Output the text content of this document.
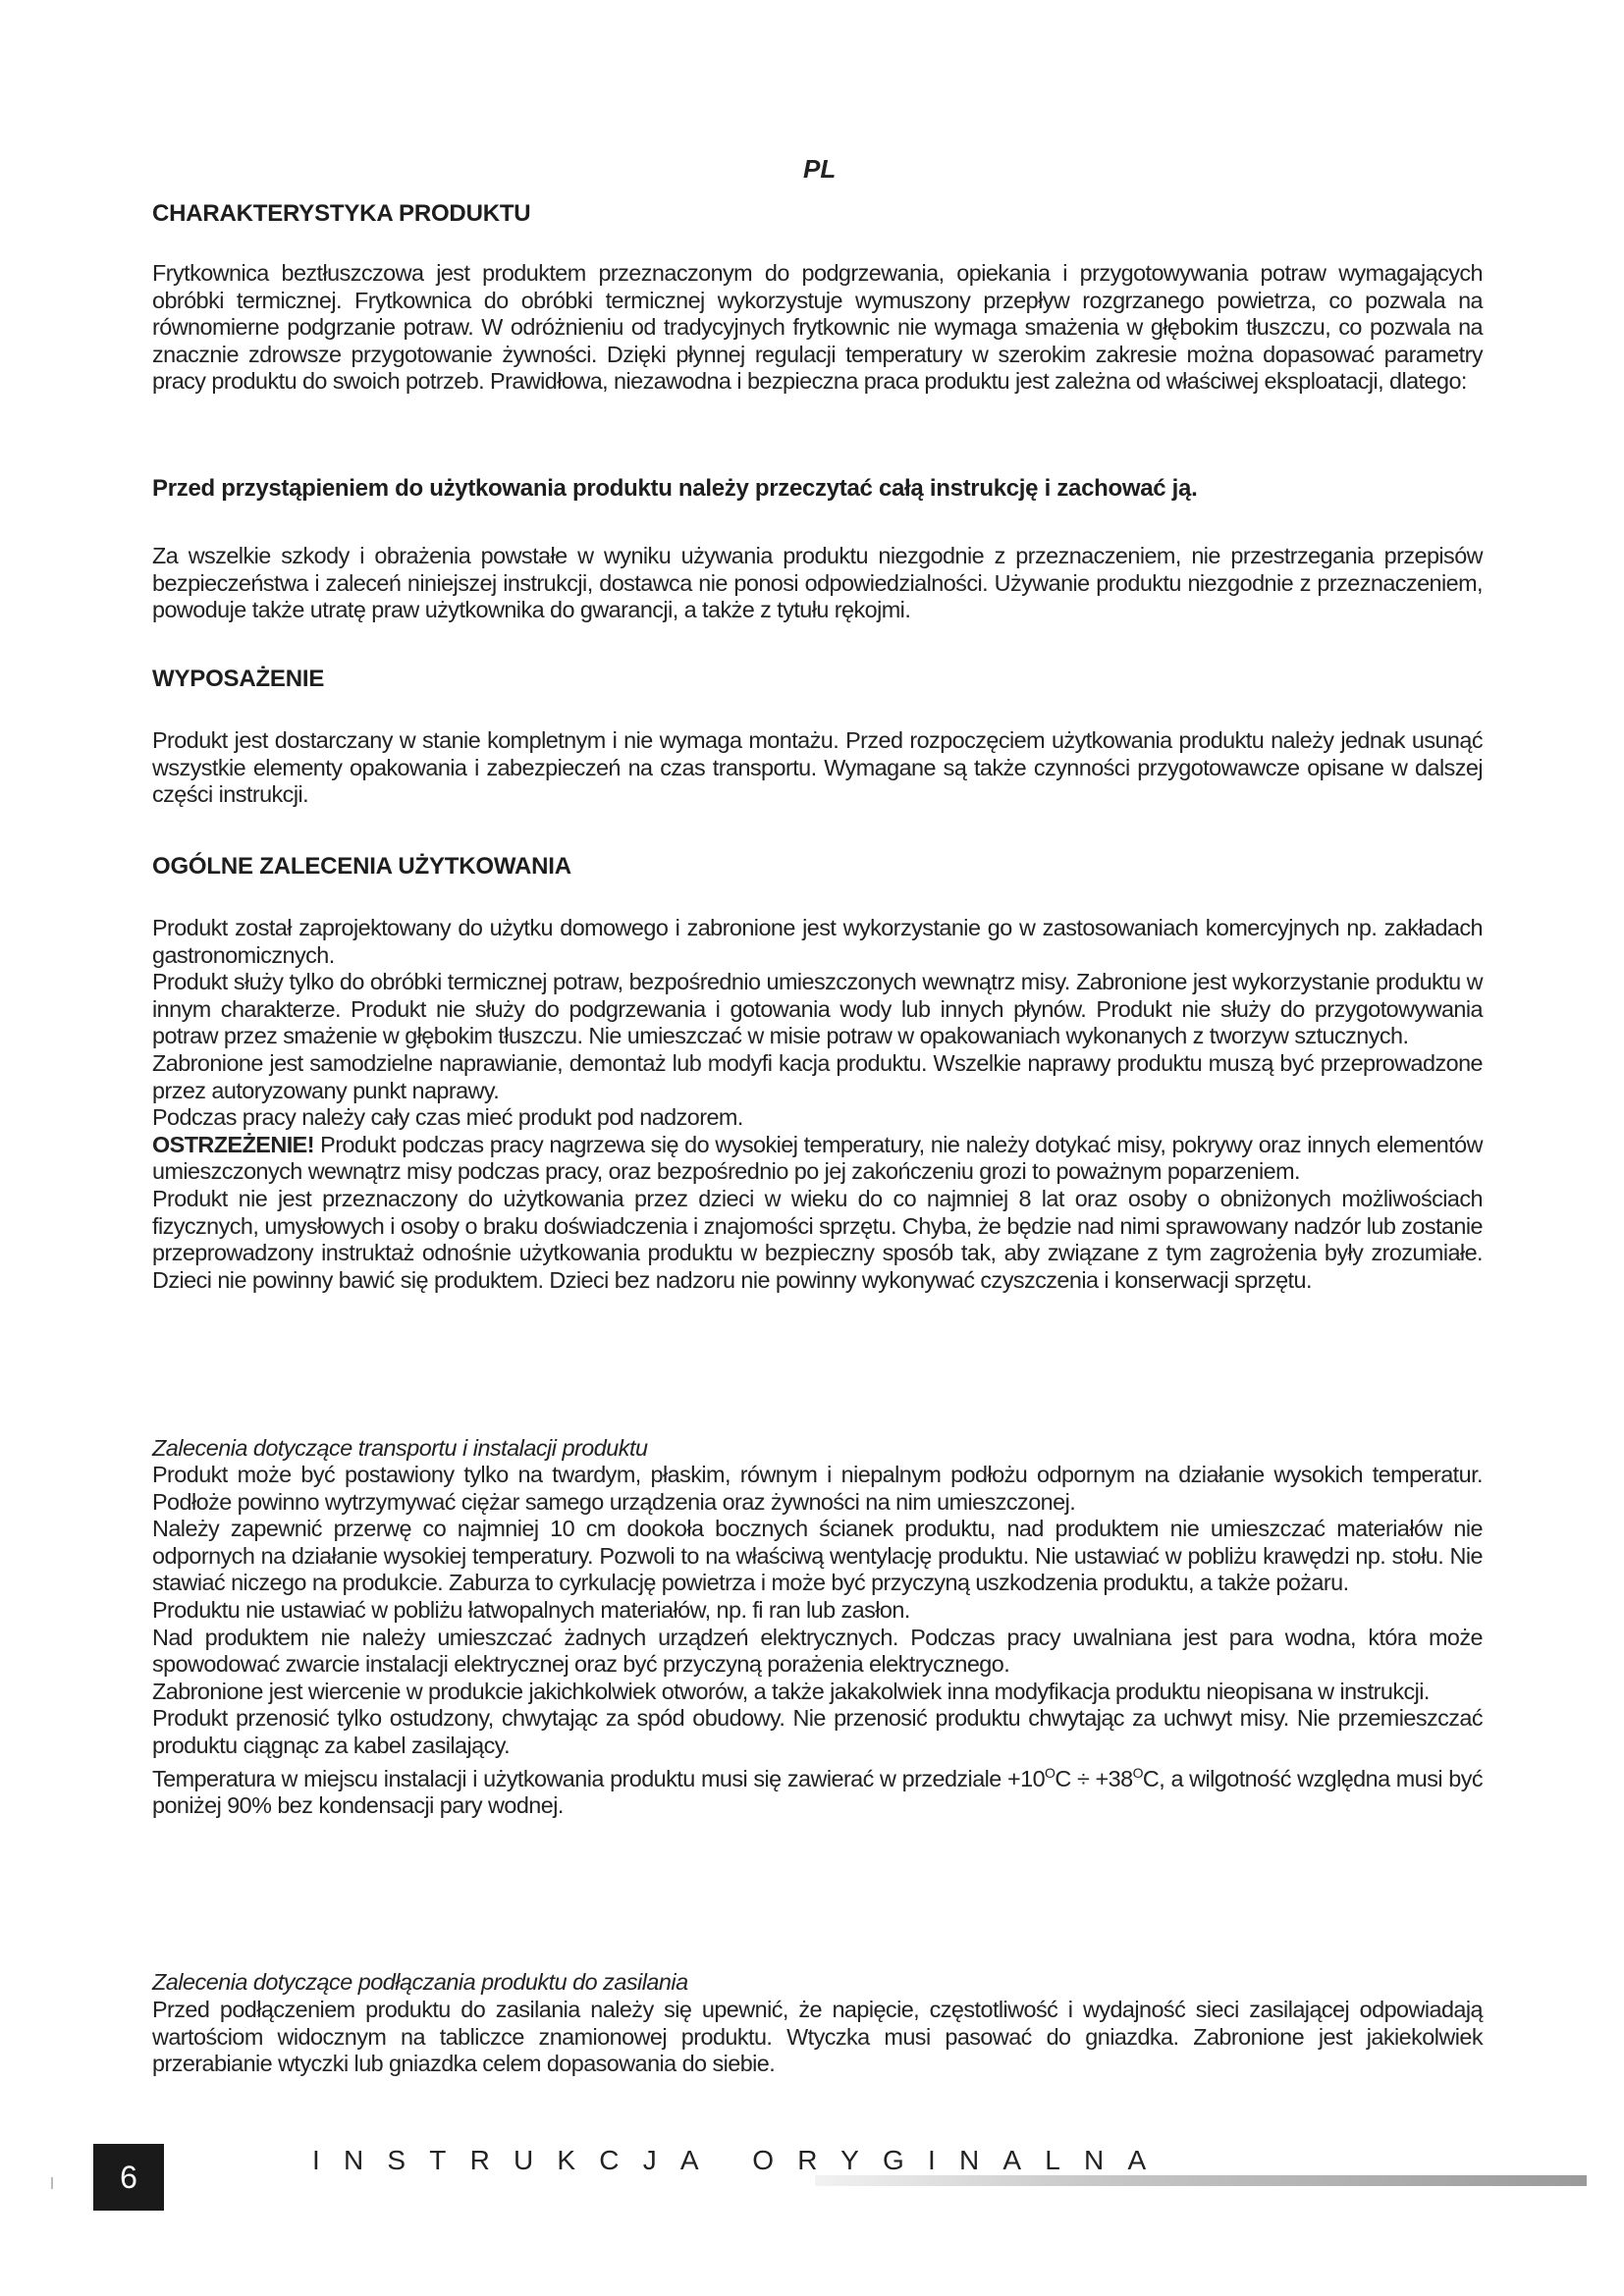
PL
CHARAKTERYSTYKA PRODUKTU

Frytkownica beztłuszczowa jest produktem przeznaczonym do podgrzewania, opiekania i przygotowywania potraw wymagających obróbki termicznej. Frytkownica do obróbki termicznej wykorzystuje wymuszony przepływ rozgrzanego powietrza, co pozwala na równomierne podgrzanie potraw. W odróżnieniu od tradycyjnych frytkownic nie wymaga smażenia w głębokim tłuszczu, co pozwala na znacznie zdrowsze przygotowanie żywności. Dzięki płynnej regulacji temperatury w szerokim zakresie można dopasować parametry pracy produktu do swoich potrzeb. Prawidłowa, niezawodna i bezpieczna praca produktu jest zależna od właściwej eksploatacji, dlatego:

Przed przystąpieniem do użytkowania produktu należy przeczytać całą instrukcję i zachować ją.

Za wszelkie szkody i obrażenia powstałe w wyniku używania produktu niezgodnie z przeznaczeniem, nie przestrzegania przepisów bezpieczeństwa i zaleceń niniejszej instrukcji, dostawca nie ponosi odpowiedzialności. Używanie produktu niezgodnie z przeznaczeniem, powoduje także utratę praw użytkownika do gwarancji, a także z tytułu rękojmi.

WYPOSAŻENIE

Produkt jest dostarczany w stanie kompletnym i nie wymaga montażu. Przed rozpoczęciem użytkowania produktu należy jednak usunąć wszystkie elementy opakowania i zabezpieczeń na czas transportu. Wymagane są także czynności przygotowawcze opisane w dalszej części instrukcji.

OGÓLNE ZALECENIA UŻYTKOWANIA

Produkt został zaprojektowany do użytku domowego i zabronione jest wykorzystanie go w zastosowaniach komercyjnych np. zakładach gastronomicznych.

Produkt służy tylko do obróbki termicznej potraw, bezpośrednio umieszczonych wewnątrz misy. Zabronione jest wykorzystanie produktu w innym charakterze. Produkt nie służy do podgrzewania i gotowania wody lub innych płynów. Produkt nie służy do przygotowywania potraw przez smażenie w głębokim tłuszczu. Nie umieszczać w misie potraw w opakowaniach wykonanych z tworzyw sztucznych.

Zabronione jest samodzielne naprawianie, demontaż lub modyfi kacja produktu. Wszelkie naprawy produktu muszą być przeprowadzone przez autoryzowany punkt naprawy.

Podczas pracy należy cały czas mieć produkt pod nadzorem.

OSTRZEŻENIE! Produkt podczas pracy nagrzewa się do wysokiej temperatury, nie należy dotykać misy, pokrywy oraz innych elementów umieszczonych wewnątrz misy podczas pracy, oraz bezpośrednio po jej zakończeniu grozi to poważnym poparzeniem.

Produkt nie jest przeznaczony do użytkowania przez dzieci w wieku do co najmniej 8 lat oraz osoby o obniżonych możliwościach fizycznych, umysłowych i osoby o braku doświadczenia i znajomości sprzętu. Chyba, że będzie nad nimi sprawowany nadzór lub zostanie przeprowadzony instruktaż odnośnie użytkowania produktu w bezpieczny sposób tak, aby związane z tym zagrożenia były zrozumiałe. Dzieci nie powinny bawić się produktem. Dzieci bez nadzoru nie powinny wykonywać czyszczenia i konserwacji sprzętu.

Zalecenia dotyczące transportu i instalacji produktu

Produkt może być postawiony tylko na twardym, płaskim, równym i niepalnym podłożu odpornym na działanie wysokich temperatur. Podłoże powinno wytrzymywać ciężar samego urządzenia oraz żywności na nim umieszczonej.

Należy zapewnić przerwę co najmniej 10 cm dookoła bocznych ścianek produktu, nad produktem nie umieszczać materiałów nie odpornych na działanie wysokiej temperatury. Pozwoli to na właściwą wentylację produktu. Nie ustawiać w pobliżu krawędzi np. stołu. Nie stawiać niczego na produkcie. Zaburza to cyrkulację powietrza i może być przyczyną uszkodzenia produktu, a także pożaru.

Produktu nie ustawiać w pobliżu łatwopalnych materiałów, np. fi ran lub zasłon.

Nad produktem nie należy umieszczać żadnych urządzeń elektrycznych. Podczas pracy uwalniana jest para wodna, która może spowodować zwarcie instalacji elektrycznej oraz być przyczyną porażenia elektrycznego.

Zabronione jest wiercenie w produkcie jakichkolwiek otworów, a także jakakolwiek inna modyfikacja produktu nieopisana w instrukcji.

Produkt przenosić tylko ostudzony, chwytając za spód obudowy. Nie przenosić produktu chwytając za uchwyt misy. Nie przemieszczać produktu ciągnąc za kabel zasilający.

Temperatura w miejscu instalacji i użytkowania produktu musi się zawierać w przedziale $+10^OC \div +38^OC$, a wilgotność względna musi być poniżej 90% bez kondensacji pary wodnej.

Zalecenia dotyczące podłączania produktu do zasilania

Przed podłączeniem produktu do zasilania należy się upewnić, że napięcie, częstotliwość i wydajność sieci zasilającej odpowiadają wartościom widocznym na tabliczce znamionowej produktu. Wtyczka musi pasować do gniazdka. Zabronione jest jakiekolwiek przerabianie wtyczki lub gniazdka celem dopasowania do siebie.

6	INSTRUKCJA ORYGINALNA
